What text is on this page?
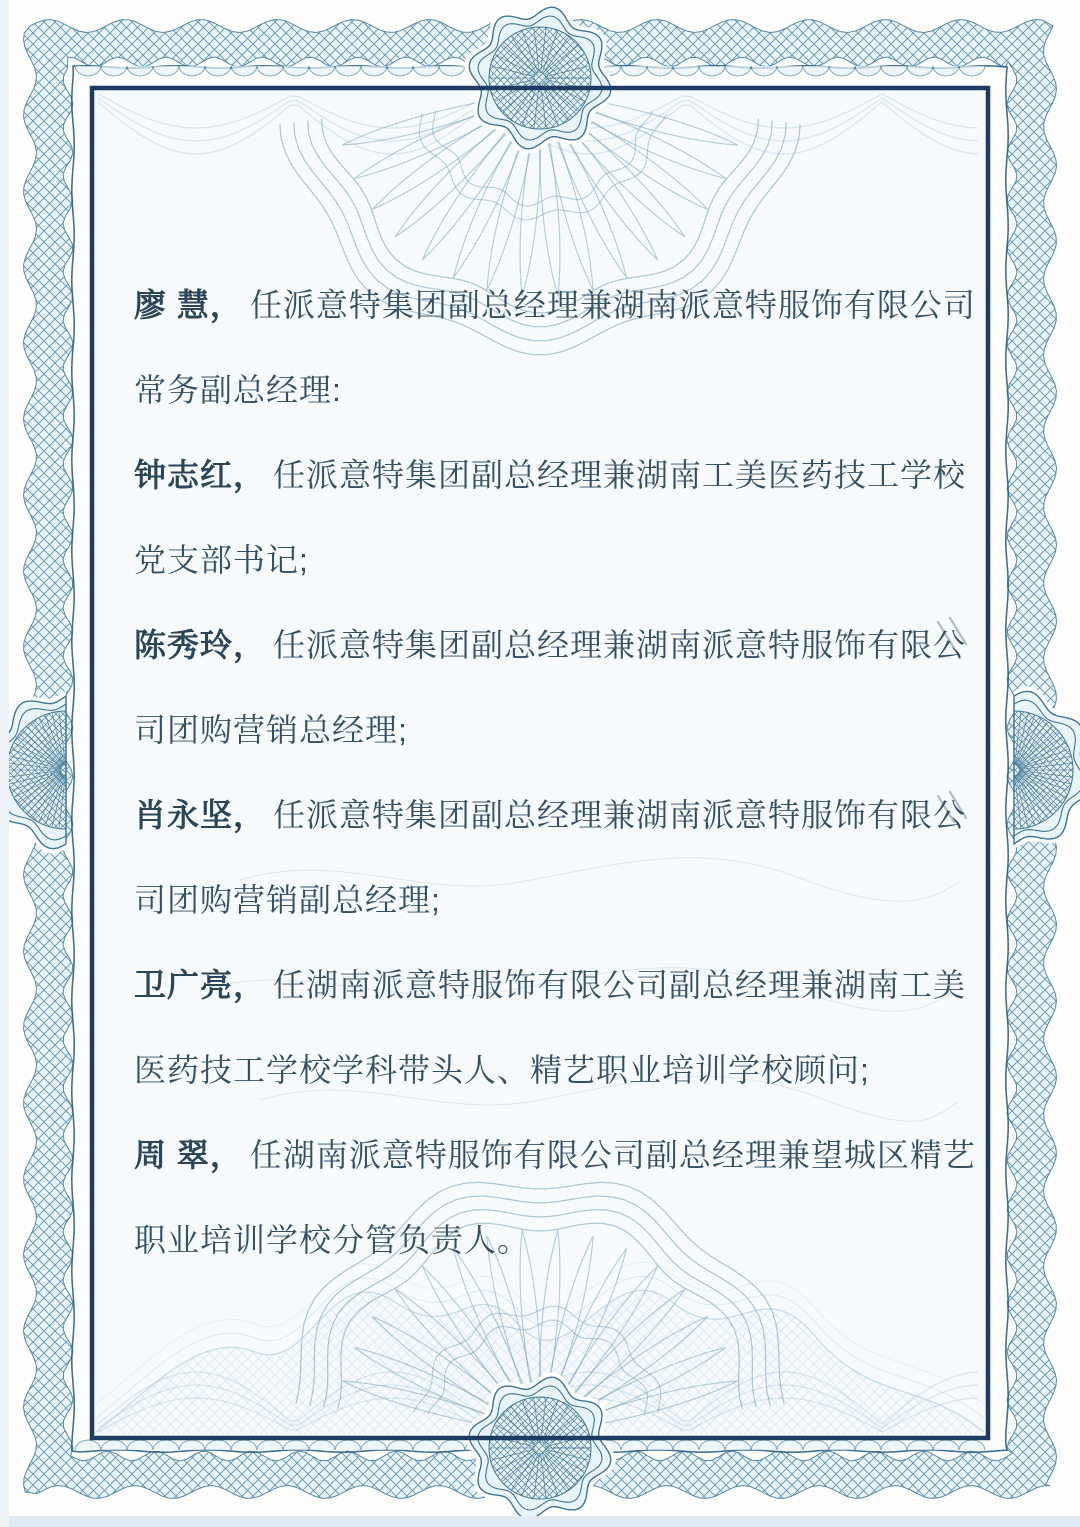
廖 慧， 任派意特集团副总经理兼湖南派意特服饰有限公司

常务副总经理:

钟志红， 任派意特集团副总经理兼湖南工美医药技工学校

党支部书记;

陈秀玲， 任派意特集团副总经理兼湖南派意特服饰有限公

司团购营销总经理;

肖永坚， 任派意特集团副总经理兼湖南派意特服饰有限公

司团购营销副总经理;

卫广亮， 任湖南派意特服饰有限公司副总经理兼湖南工美

医药技工学校学科带头人、精艺职业培训学校顾问;

周 翠， 任湖南派意特服饰有限公司副总经理兼望城区精艺

职业培训学校分管负责人。
